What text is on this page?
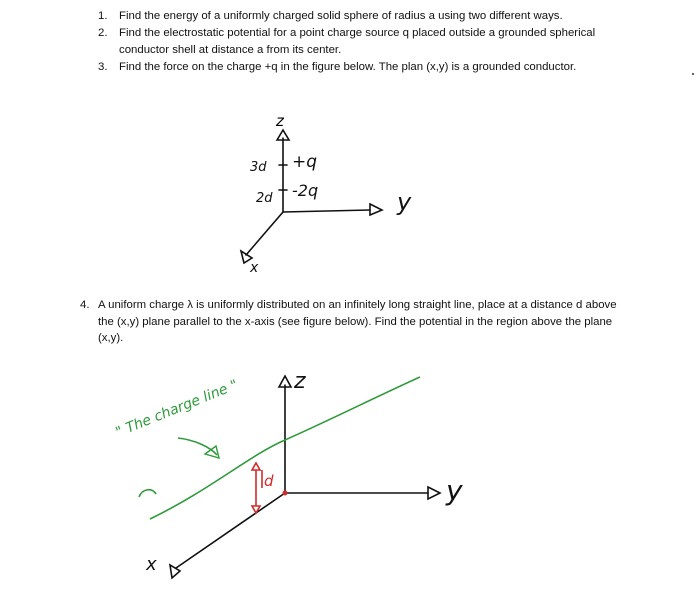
1. Find the energy of a uniformly charged solid sphere of radius a using two different ways.
2. Find the electrostatic potential for a point charge source q placed outside a grounded spherical conductor shell at distance a from its center.
3. Find the force on the charge +q in the figure below. The plan (x,y) is a grounded conductor.
4. A uniform charge λ is uniformly distributed on an infinitely long straight line, place at a distance d above the (x,y) plane parallel to the x-axis (see figure below). Find the potential in the region above the plane (x,y).
z
3d +q
2d -2q	y
x
" The charge line " z
d	y
x
